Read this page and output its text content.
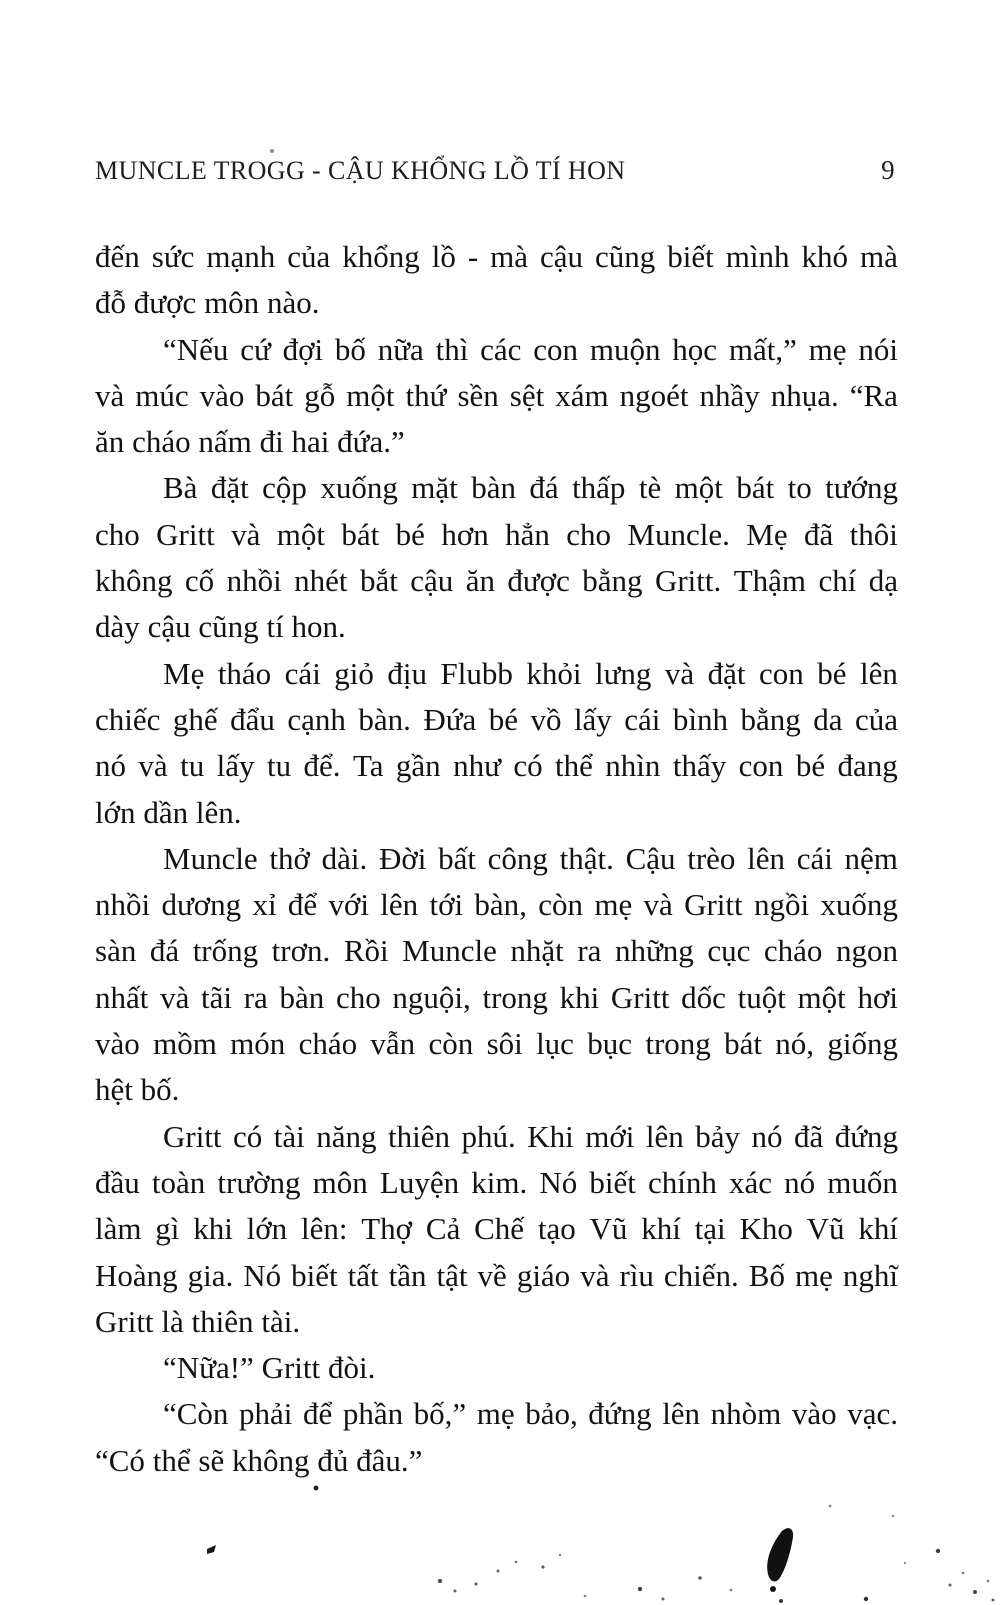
MUNCLE TROGG - CẬU KHỔNG LỒ TÍ HON	9
đến sức mạnh của khổng lồ - mà cậu cũng biết mình khó mà
đỗ được môn nào.
“Nếu cứ đợi bố nữa thì các con muộn học mất,” mẹ nói
và múc vào bát gỗ một thứ sền sệt xám ngoét nhầy nhụa. “Ra
ăn cháo nấm đi hai đứa.”
Bà đặt cộp xuống mặt bàn đá thấp tè một bát to tướng
cho Gritt và một bát bé hơn hẳn cho Muncle. Mẹ đã thôi
không cố nhồi nhét bắt cậu ăn được bằng Gritt. Thậm chí dạ
dày cậu cũng tí hon.
Mẹ tháo cái giỏ địu Flubb khỏi lưng và đặt con bé lên
chiếc ghế đẩu cạnh bàn. Đứa bé vồ lấy cái bình bằng da của
nó và tu lấy tu để. Ta gần như có thể nhìn thấy con bé đang
lớn dần lên.
Muncle thở dài. Đời bất công thật. Cậu trèo lên cái nệm
nhồi dương xỉ để với lên tới bàn, còn mẹ và Gritt ngồi xuống
sàn đá trống trơn. Rồi Muncle nhặt ra những cục cháo ngon
nhất và tãi ra bàn cho nguội, trong khi Gritt dốc tuột một hơi
vào mồm món cháo vẫn còn sôi lục bục trong bát nó, giống
hệt bố.
Gritt có tài năng thiên phú. Khi mới lên bảy nó đã đứng
đầu toàn trường môn Luyện kim. Nó biết chính xác nó muốn
làm gì khi lớn lên: Thợ Cả Chế tạo Vũ khí tại Kho Vũ khí
Hoàng gia. Nó biết tất tần tật về giáo và rìu chiến. Bố mẹ nghĩ
Gritt là thiên tài.
“Nữa!” Gritt đòi.
“Còn phải để phần bố,” mẹ bảo, đứng lên nhòm vào vạc.
“Có thể sẽ không đủ đâu.”
